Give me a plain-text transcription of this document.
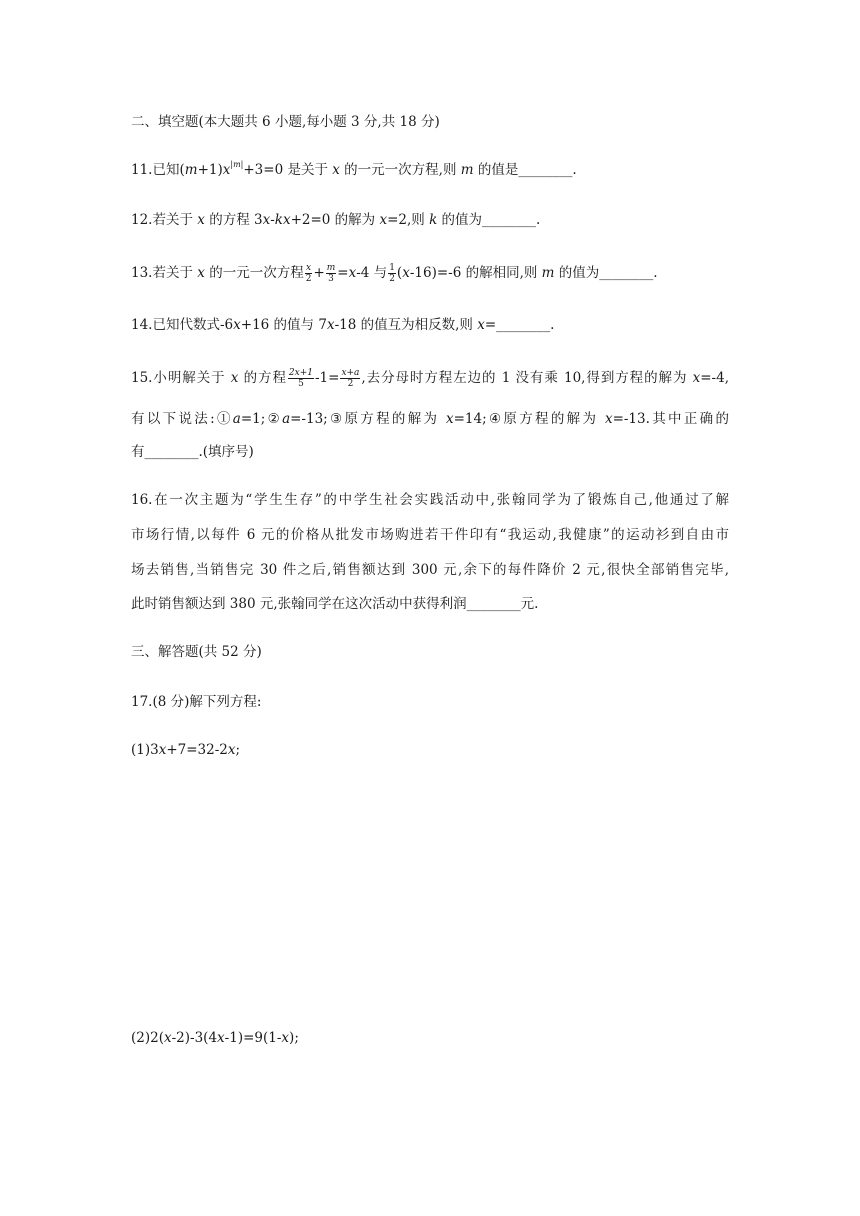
二、填空题(本大题共 6 小题,每小题 3 分,共 18 分)
11.已知$(m+1)x^{|m|}+3=0$ 是关于 x 的一元一次方程,则 m 的值是 ________	.
12.若关于 x 的方程 3x-kx+2=0 的解为 x=2,则 k 的值为 ________	.
13.若关于 x 的一元一次方程 $\frac{x}{2} + \frac{m}{3} =x-4$ 与 $\frac{1}{2} (x-16)=-6$ 的解相同,则 m 的值为 ________	.
14.已知代数式-6x+16 的值与 7x-18 的值互为相反数,则 x= ________	.
15.小明解关于 x 的方程 $\frac{2x+1}{5} -1= \frac{x+a}{2}$ ,去分母时方程左边的 1 没有乘 10,得到方程的解为 x=-4,
有以下说法:①a=1;②a=-13;③原方程的解为 x=14;④原方程的解为 x=-13.其中正确的
有 ________	.(填序号)
16.在一次主题为“学生生存”的中学生社会实践活动中,张翰同学为了锻炼自己,他通过了解
市场行情,以每件 6 元的价格从批发市场购进若干件印有“我运动,我健康”的运动衫到自由市
场去销售,当销售完 30 件之后,销售额达到 300 元,余下的每件降价 2 元,很快全部销售完毕,
此时销售额达到 380 元,张翰同学在这次活动中获得利润 ________	元.
三、解答题(共 52 分)
17.(8 分)解下列方程:
(1)3x+7=32-2x;
(2)2(x-2)-3(4x-1)=9(1-x);
